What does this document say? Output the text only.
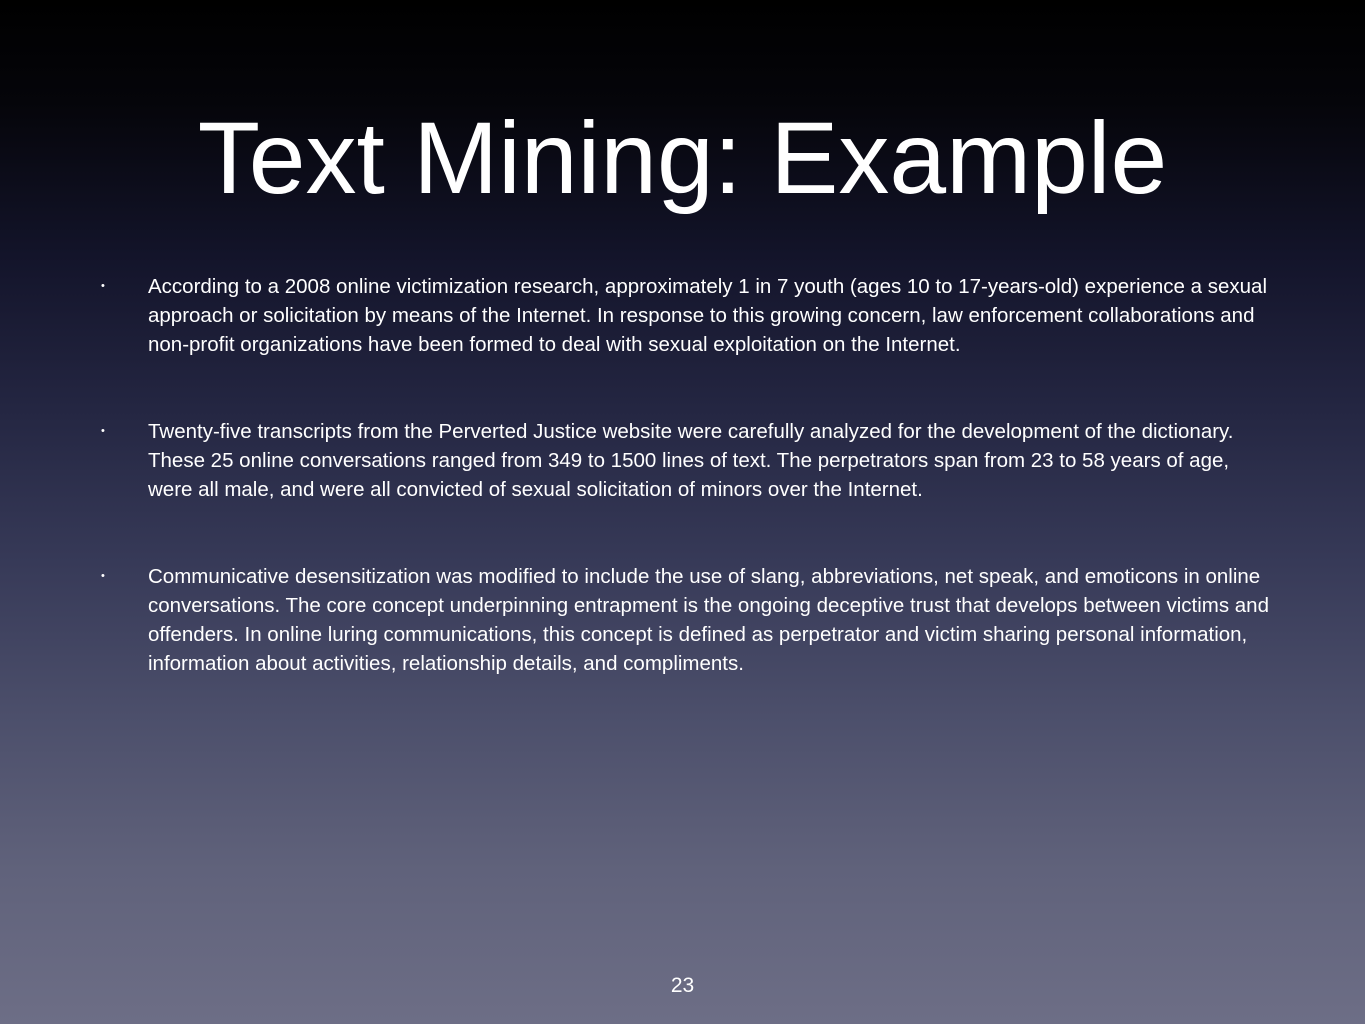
Text Mining: Example
• According to a 2008 online victimization research, approximately 1 in 7 youth (ages 10 to 17-years-old) experience a sexual approach or solicitation by means of the Internet. In response to this growing concern, law enforcement collaborations and non-profit organizations have been formed to deal with sexual exploitation on the Internet.
• Twenty-five transcripts from the Perverted Justice website were carefully analyzed for the development of the dictionary. These 25 online conversations ranged from 349 to 1500 lines of text. The perpetrators span from 23 to 58 years of age, were all male, and were all convicted of sexual solicitation of minors over the Internet.
• Communicative desensitization was modified to include the use of slang, abbreviations, net speak, and emoticons in online conversations. The core concept underpinning entrapment is the ongoing deceptive trust that develops between victims and offenders. In online luring communications, this concept is defined as perpetrator and victim sharing personal information, information about activities, relationship details, and compliments.
23
